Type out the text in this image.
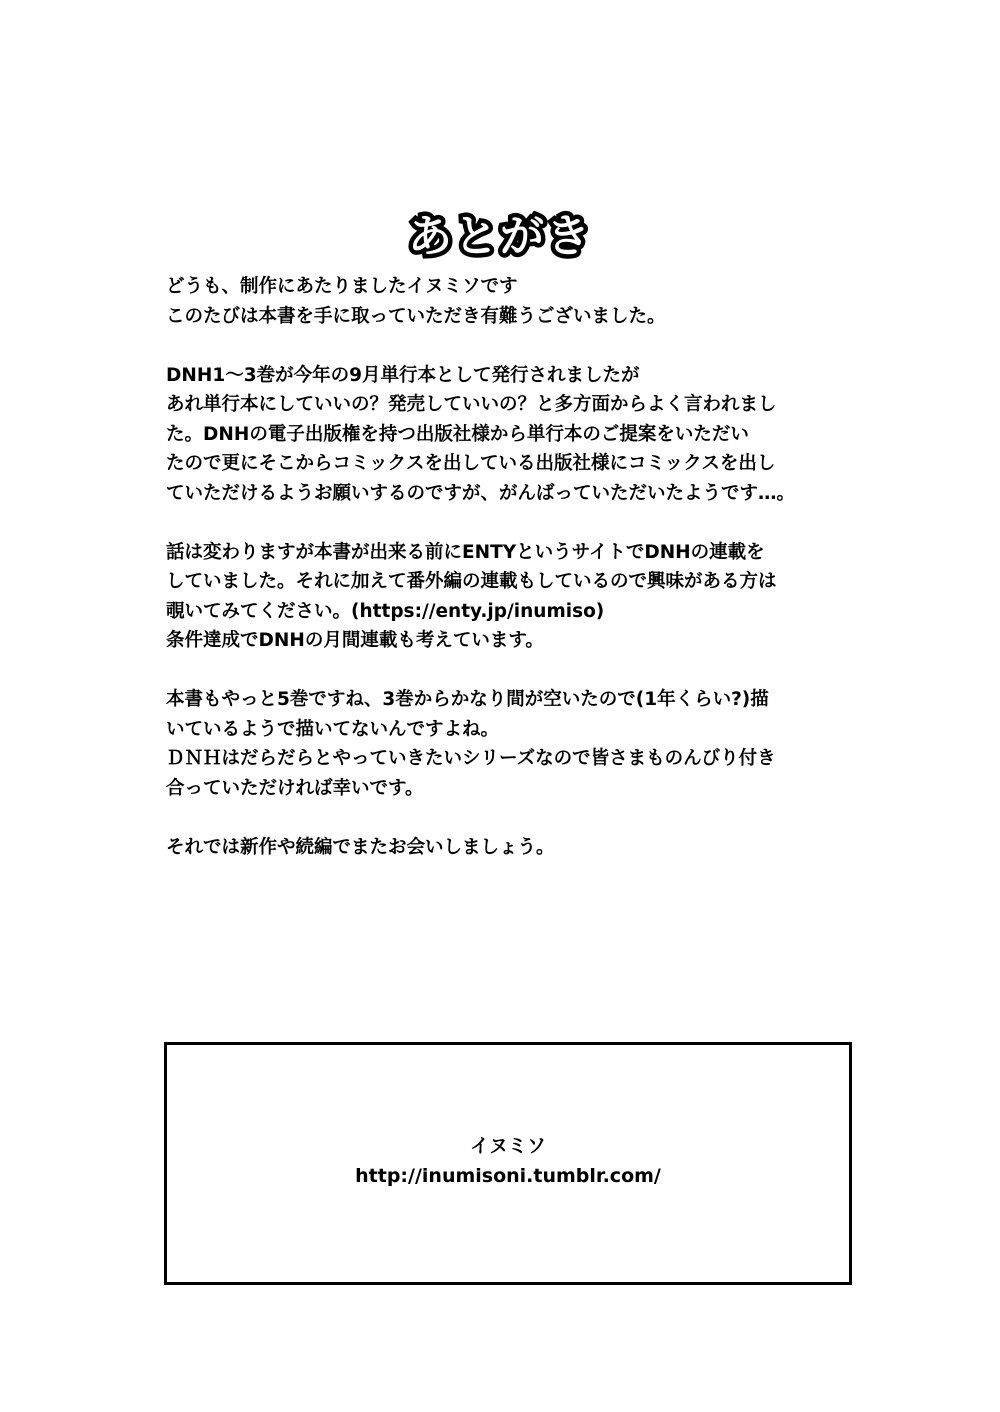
あとがき

どうも、制作にあたりましたイヌミソです
このたびは本書を手に取っていただき有難うございました。

DNH1～3巻が今年の9月単行本として発行されましたが
あれ単行本にしていいの？発売していいの？と多方面からよく言われまし
た。DNHの電子出版権を持つ出版社様から単行本のご提案をいただい
たので更にそこからコミックスを出している出版社様にコミックスを出し
ていただけるようお願いするのですが、がんばっていただいたようです…。

話は変わりますが本書が出来る前にENTYというサイトでDNHの連載を
していました。それに加えて番外編の連載もしているので興味がある方は
覗いてみてください。(https://enty.jp/inumiso)
条件達成でDNHの月間連載も考えています。

本書もやっと5巻ですね、3巻からかなり間が空いたので(1年くらい?)描
いているようで描いてないんですよね。
ＤＮＨはだらだらとやっていきたいシリーズなので皆さまものんびり付き
合っていただければ幸いです。

それでは新作や続編でまたお会いしましょう。

イヌミソ
http://inumisoni.tumblr.com/
